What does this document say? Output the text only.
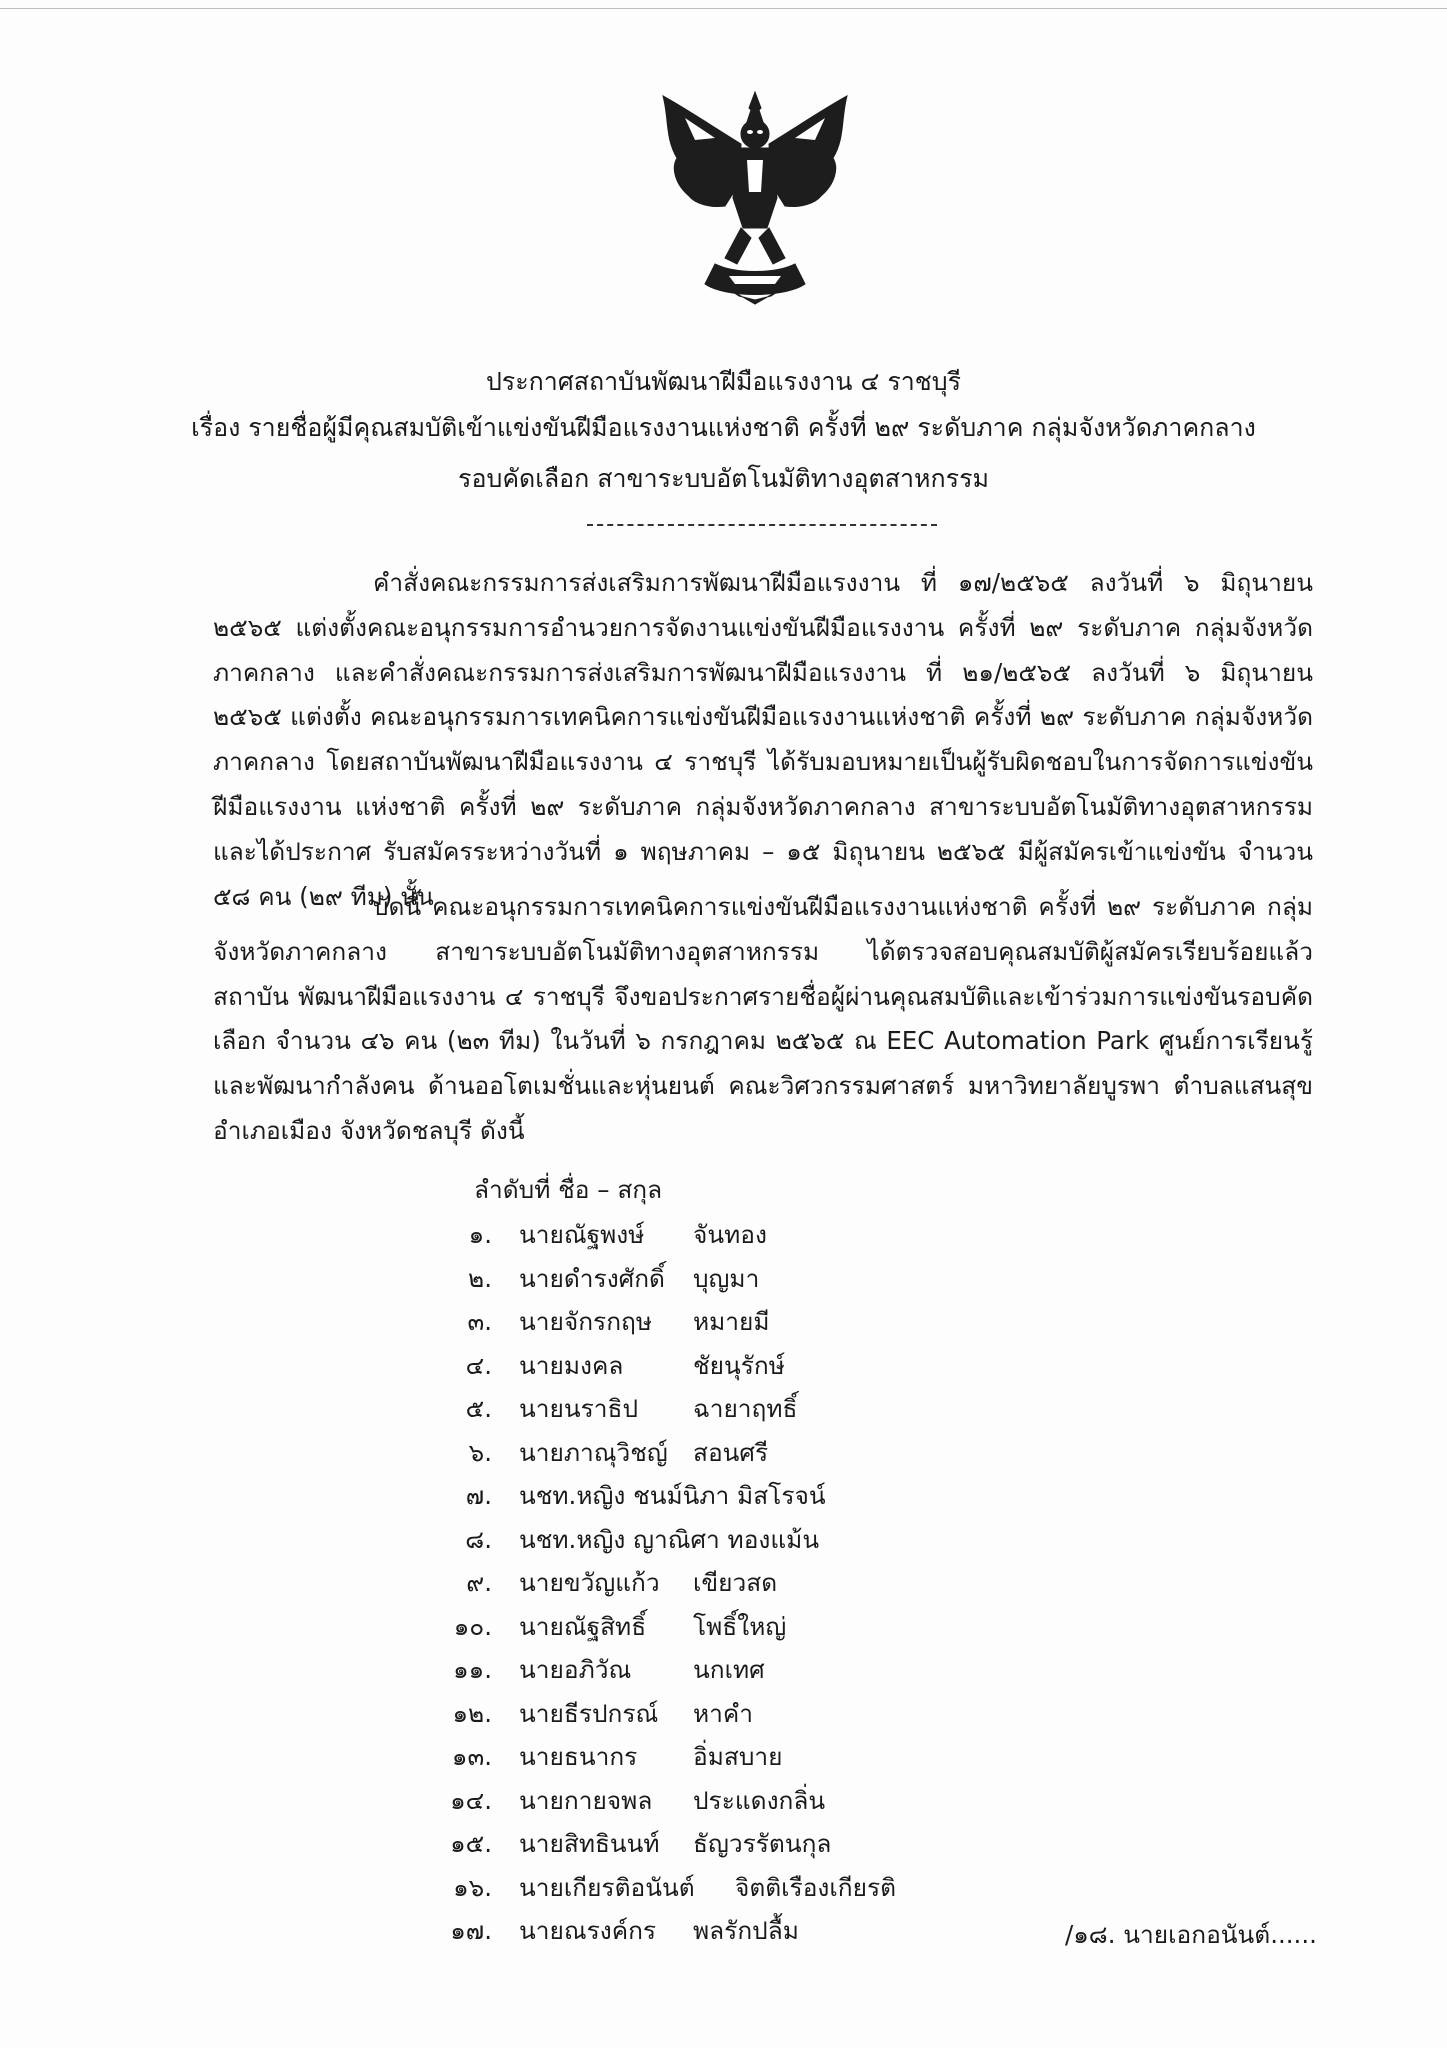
ประกาศสถาบันพัฒนาฝีมือแรงงาน ๔ ราชบุรี
เรื่อง รายชื่อผู้มีคุณสมบัติเข้าแข่งขันฝีมือแรงงานแห่งชาติ ครั้งที่ ๒๙ ระดับภาค กลุ่มจังหวัดภาคกลาง
รอบคัดเลือก สาขาระบบอัตโนมัติทางอุตสาหกรรม
คำสั่งคณะกรรมการส่งเสริมการพัฒนาฝีมือแรงงาน ที่ ๑๗/๒๕๖๕ ลงวันที่ ๖ มิถุนายน ๒๕๖๕ แต่งตั้งคณะอนุกรรมการอำนวยการจัดงานแข่งขันฝีมือแรงงาน ครั้งที่ ๒๙ ระดับภาค กลุ่มจังหวัดภาคกลาง และคำสั่งคณะกรรมการส่งเสริมการพัฒนาฝีมือแรงงาน ที่ ๒๑/๒๕๖๕ ลงวันที่ ๖ มิถุนายน ๒๕๖๕ แต่งตั้ง คณะอนุกรรมการเทคนิคการแข่งขันฝีมือแรงงานแห่งชาติ ครั้งที่ ๒๙ ระดับภาค กลุ่มจังหวัดภาคกลาง โดยสถาบันพัฒนาฝีมือแรงงาน ๔ ราชบุรี ได้รับมอบหมายเป็นผู้รับผิดชอบในการจัดการแข่งขันฝีมือแรงงาน แห่งชาติ ครั้งที่ ๒๙ ระดับภาค กลุ่มจังหวัดภาคกลาง สาขาระบบอัตโนมัติทางอุตสาหกรรม และได้ประกาศ รับสมัครระหว่างวันที่ ๑ พฤษภาคม – ๑๕ มิถุนายน ๒๕๖๕ มีผู้สมัครเข้าแข่งขัน จำนวน ๕๘ คน (๒๙ ทีม) นั้น
บัดนี้ คณะอนุกรรมการเทคนิคการแข่งขันฝีมือแรงงานแห่งชาติ ครั้งที่ ๒๙ ระดับภาค กลุ่มจังหวัดภาคกลาง สาขาระบบอัตโนมัติทางอุตสาหกรรม ได้ตรวจสอบคุณสมบัติผู้สมัครเรียบร้อยแล้ว สถาบัน พัฒนาฝีมือแรงงาน ๔ ราชบุรี จึงขอประกาศรายชื่อผู้ผ่านคุณสมบัติและเข้าร่วมการแข่งขันรอบคัดเลือก จำนวน ๔๖ คน (๒๓ ทีม) ในวันที่ ๖ กรกฎาคม ๒๕๖๕ ณ EEC Automation Park ศูนย์การเรียนรู้และพัฒนากำลังคน ด้านออโตเมชั่นและหุ่นยนต์ คณะวิศวกรรมศาสตร์ มหาวิทยาลัยบูรพา ตำบลแสนสุข อำเภอเมือง จังหวัดชลบุรี ดังนี้
ลำดับที่ ชื่อ – สกุล
๑. นายณัฐพงษ์ จันทอง
๒. นายดำรงศักดิ์ บุญมา
๓. นายจักรกฤษ หมายมี
๔. นายมงคล	ชัยนุรักษ์
๕. นายนราธิป ฉายาฤทธิ์
๖. นายภาณุวิชญ์ สอนศรี
๗. นชท.หญิง ชนม์นิภา มิสโรจน์
๘. นชท.หญิง ญาณิศา ทองแม้น
๙. นายขวัญแก้ว เขียวสด
๑๐. นายณัฐสิทธิ์ โพธิ์ใหญ่
๑๑. นายอภิวัณ	นกเทศ
๑๒. นายธีรปกรณ์ หาคำ
๑๓. นายธนากร อิ่มสบาย
๑๔. นายกายจพล ประแดงกลิ่น
๑๕. นายสิทธินนท์ ธัญวรรัตนกุล
๑๖. นายเกียรติอนันต์ จิตติเรืองเกียรติ
๑๗. นายณรงค์กร พลรักปลื้ม	/๑๘. นายเอกอนันต์......
